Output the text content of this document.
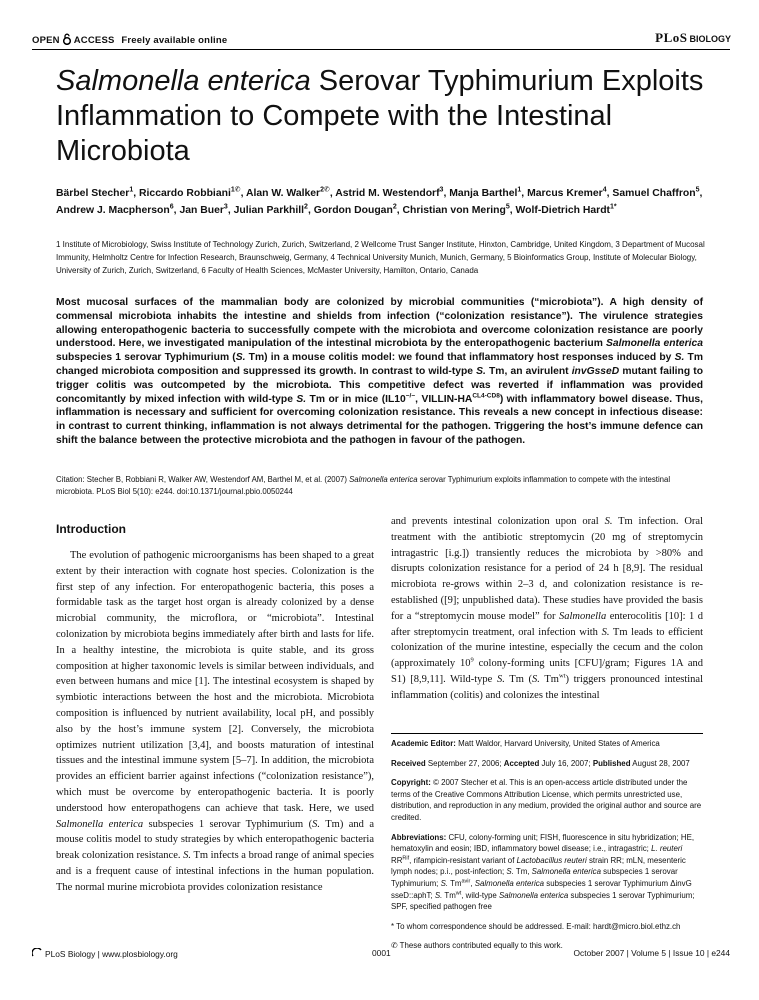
OPEN ACCESS Freely available online	PLoS BIOLOGY
Salmonella enterica Serovar Typhimurium Exploits Inflammation to Compete with the Intestinal Microbiota
Bärbel Stecher$^1$, Riccardo Robbiani$^{1✆}$, Alan W. Walker$^{2✆}$, Astrid M. Westendorf$^3$, Manja Barthel$^1$, Marcus Kremer$^4$, Samuel Chaffron$^5$, Andrew J. Macpherson$^6$, Jan Buer$^3$, Julian Parkhill$^2$, Gordon Dougan$^2$, Christian von Mering$^5$, Wolf-Dietrich Hardt$^{1*}$
1 Institute of Microbiology, Swiss Institute of Technology Zurich, Zurich, Switzerland, 2 Wellcome Trust Sanger Institute, Hinxton, Cambridge, United Kingdom, 3 Department of Mucosal Immunity, Helmholtz Centre for Infection Research, Braunschweig, Germany, 4 Technical University Munich, Munich, Germany, 5 Bioinformatics Group, Institute of Molecular Biology, University of Zurich, Zurich, Switzerland, 6 Faculty of Health Sciences, McMaster University, Hamilton, Ontario, Canada
Most mucosal surfaces of the mammalian body are colonized by microbial communities (“microbiota”). A high density of commensal microbiota inhabits the intestine and shields from infection (“colonization resistance”). The virulence strategies allowing enteropathogenic bacteria to successfully compete with the microbiota and overcome colonization resistance are poorly understood. Here, we investigated manipulation of the intestinal microbiota by the enteropathogenic bacterium Salmonella enterica subspecies 1 serovar Typhimurium (S. Tm) in a mouse colitis model: we found that inflammatory host responses induced by S. Tm changed microbiota composition and suppressed its growth. In contrast to wild-type S. Tm, an avirulent invGsseD mutant failing to trigger colitis was outcompeted by the microbiota. This competitive defect was reverted if inflammation was provided concomitantly by mixed infection with wild-type S. Tm or in mice (IL10−/−, VILLIN-$HA^{CL4-CD8}$) with inflammatory bowel disease. Thus, inflammation is necessary and sufficient for overcoming colonization resistance. This reveals a new concept in infectious disease: in contrast to current thinking, inflammation is not always detrimental for the pathogen. Triggering the host’s immune defence can shift the balance between the protective microbiota and the pathogen in favour of the pathogen.
Citation: Stecher B, Robbiani R, Walker AW, Westendorf AM, Barthel M, et al. (2007) Salmonella enterica serovar Typhimurium exploits inflammation to compete with the intestinal microbiota. PLoS Biol 5(10): e244. doi:10.1371/journal.pbio.0050244
Introduction

The evolution of pathogenic microorganisms has been shaped to a great extent by their interaction with cognate host species. Colonization is the first step of any infection. For enteropathogenic bacteria, this poses a formidable task as the target host organ is already colonized by a dense microbial community, the microflora, or “microbiota”. Intestinal colonization by microbiota begins immediately after birth and lasts for life. In a healthy intestine, the microbiota is quite stable, and its gross composition at higher taxonomic levels is similar between individuals, and even between humans and mice [1]. The intestinal ecosystem is shaped by symbiotic interactions between the host and the microbiota. Microbiota composition is influenced by nutrient availability, local pH, and possibly also by the host’s immune system [2]. Conversely, the microbiota optimizes nutrient utilization [3,4], and boosts maturation of intestinal tissues and the intestinal immune system [5–7]. In addition, the microbiota provides an efficient barrier against infections (“colonization resistance”), which must be overcome by enteropathogenic bacteria. It is poorly understood how enteropathogens can achieve that task. Here, we used Salmonella enterica subspecies 1 serovar Typhimurium (S. Tm) and a mouse colitis model to study strategies by which enteropathogenic bacteria break colonization resistance. S. Tm infects a broad range of animal species and is a frequent cause of intestinal infections in the human population. The normal murine microbiota provides colonization resistance

and prevents intestinal colonization upon oral S. Tm infection. Oral treatment with the antibiotic streptomycin (20 mg of streptomycin intragastric [i.g.]) transiently reduces the microbiota by >80% and disrupts colonization resistance for a period of 24 h [8,9]. The residual microbiota re-grows within 2–3 d, and colonization resistance is re-established ([9]; unpublished data). These studies have provided the basis for a “streptomycin mouse model” for Salmonella enterocolitis [10]: 1 d after streptomycin treatment, oral infection with S. Tm leads to efficient colonization of the murine intestine, especially the cecum and the colon (approximately $10^9$ colony-forming units [CFU]/gram; Figures 1A and S1) [8,9,11]. Wild-type S. Tm (S. $Tm^{wt}$) triggers pronounced intestinal inflammation (colitis) and colonizes the intestinal

Academic Editor: Matt Waldor, Harvard University, United States of America

Received September 27, 2006; Accepted July 16, 2007; Published August 28, 2007

Copyright: © 2007 Stecher et al. This is an open-access article distributed under the terms of the Creative Commons Attribution License, which permits unrestricted use, distribution, and reproduction in any medium, provided the original author and source are credited.

Abbreviations: CFU, colony-forming unit; FISH, fluorescence in situ hybridization; HE, hematoxylin and eosin; IBD, inflammatory bowel disease; i.e., intragastric; L. reuteri $RR^{Rif}$, rifampicin-resistant variant of Lactobacillus reuteri strain RR; mLN, mesenteric lymph nodes; p.i., post-infection; S. Tm, Salmonella enterica subspecies 1 serovar Typhimurium; S. $Tm^{avir}$, Salmonella enterica subspecies 1 serovar Typhimurium ΔinvG sseD::aphT; S. $Tm^{wt}$, wild-type Salmonella enterica subspecies 1 serovar Typhimurium; SPF, specified pathogen free

* To whom correspondence should be addressed. E-mail: hardt@micro.biol.ethz.ch

✆ These authors contributed equally to this work.

PLoS Biology | www.plosbiology.org	0001	October 2007 | Volume 5 | Issue 10 | e244
